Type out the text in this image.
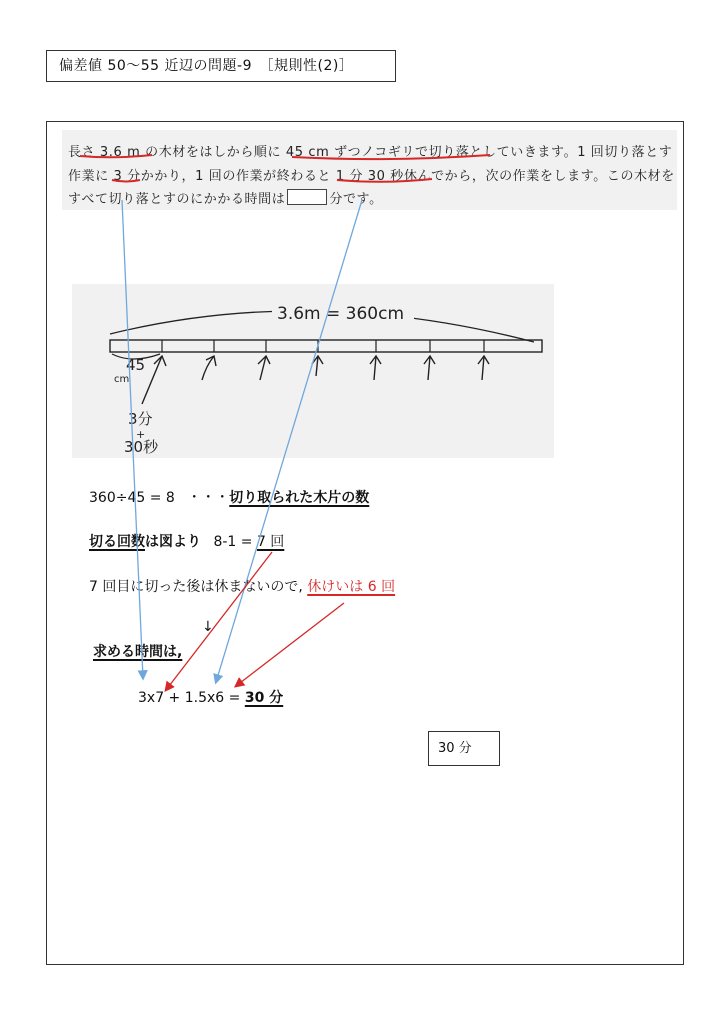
偏差値 50〜55 近辺の問題-9　［規則性(2)］
長さ 3.6 m の木材をはしから順に 45 cm ずつノコギリで切り落としていきます。1 回切り落とす
作業に 3 分かかり，1 回の作業が終わると 1 分 30 秒休んでから，次の作業をします。この木材を
すべて切り落とすのにかかる時間は	分です。
3.6m = 360cm
45
cm
3分
+
30秒
360÷45 = 8 ・・・切り取られた木片の数
切る回数は図より 8-1 = 7 回
7 回目に切った後は休まないので, 休けいは 6 回
↓
求める時間は,
3x7 + 1.5x6 = 30 分
30 分
